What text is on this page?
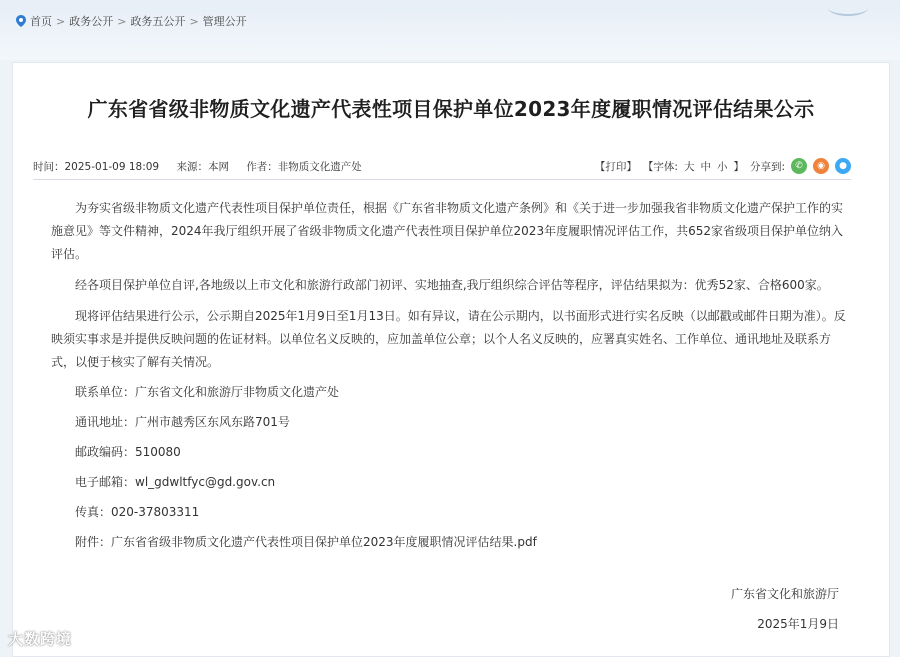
首页 > 政务公开 > 政务五公开 > 管理公开
广东省省级非物质文化遗产代表性项目保护单位2023年度履职情况评估结果公示
时间：2025-01-09 18:09 来源：本网 作者：非物质文化遗产处	【打印】 【字体: 大 中 小 】 分享到:	✆	◉	●

为夯实省级非物质文化遗产代表性项目保护单位责任，根据《广东省非物质文化遗产条例》和《关于进一步加强我省非物质文化遗产保护工作的实施意见》等文件精神，2024年我厅组织开展了省级非物质文化遗产代表性项目保护单位2023年度履职情况评估工作，共652家省级项目保护单位纳入评估。

经各项目保护单位自评,各地级以上市文化和旅游行政部门初评、实地抽查,我厅组织综合评估等程序，评估结果拟为：优秀52家、合格600家。

现将评估结果进行公示，公示期自2025年1月9日至1月13日。如有异议，请在公示期内，以书面形式进行实名反映（以邮戳或邮件日期为准）。反映须实事求是并提供反映问题的佐证材料。以单位名义反映的，应加盖单位公章；以个人名义反映的，应署真实姓名、工作单位、通讯地址及联系方式，以便于核实了解有关情况。

联系单位：广东省文化和旅游厅非物质文化遗产处

通讯地址：广州市越秀区东风东路701号

邮政编码：510080

电子邮箱：wl_gdwltfyc@gd.gov.cn

传真：020-37803311

附件：广东省省级非物质文化遗产代表性项目保护单位2023年度履职情况评估结果.pdf

广东省文化和旅游厅
2025年1月9日
大数跨境
